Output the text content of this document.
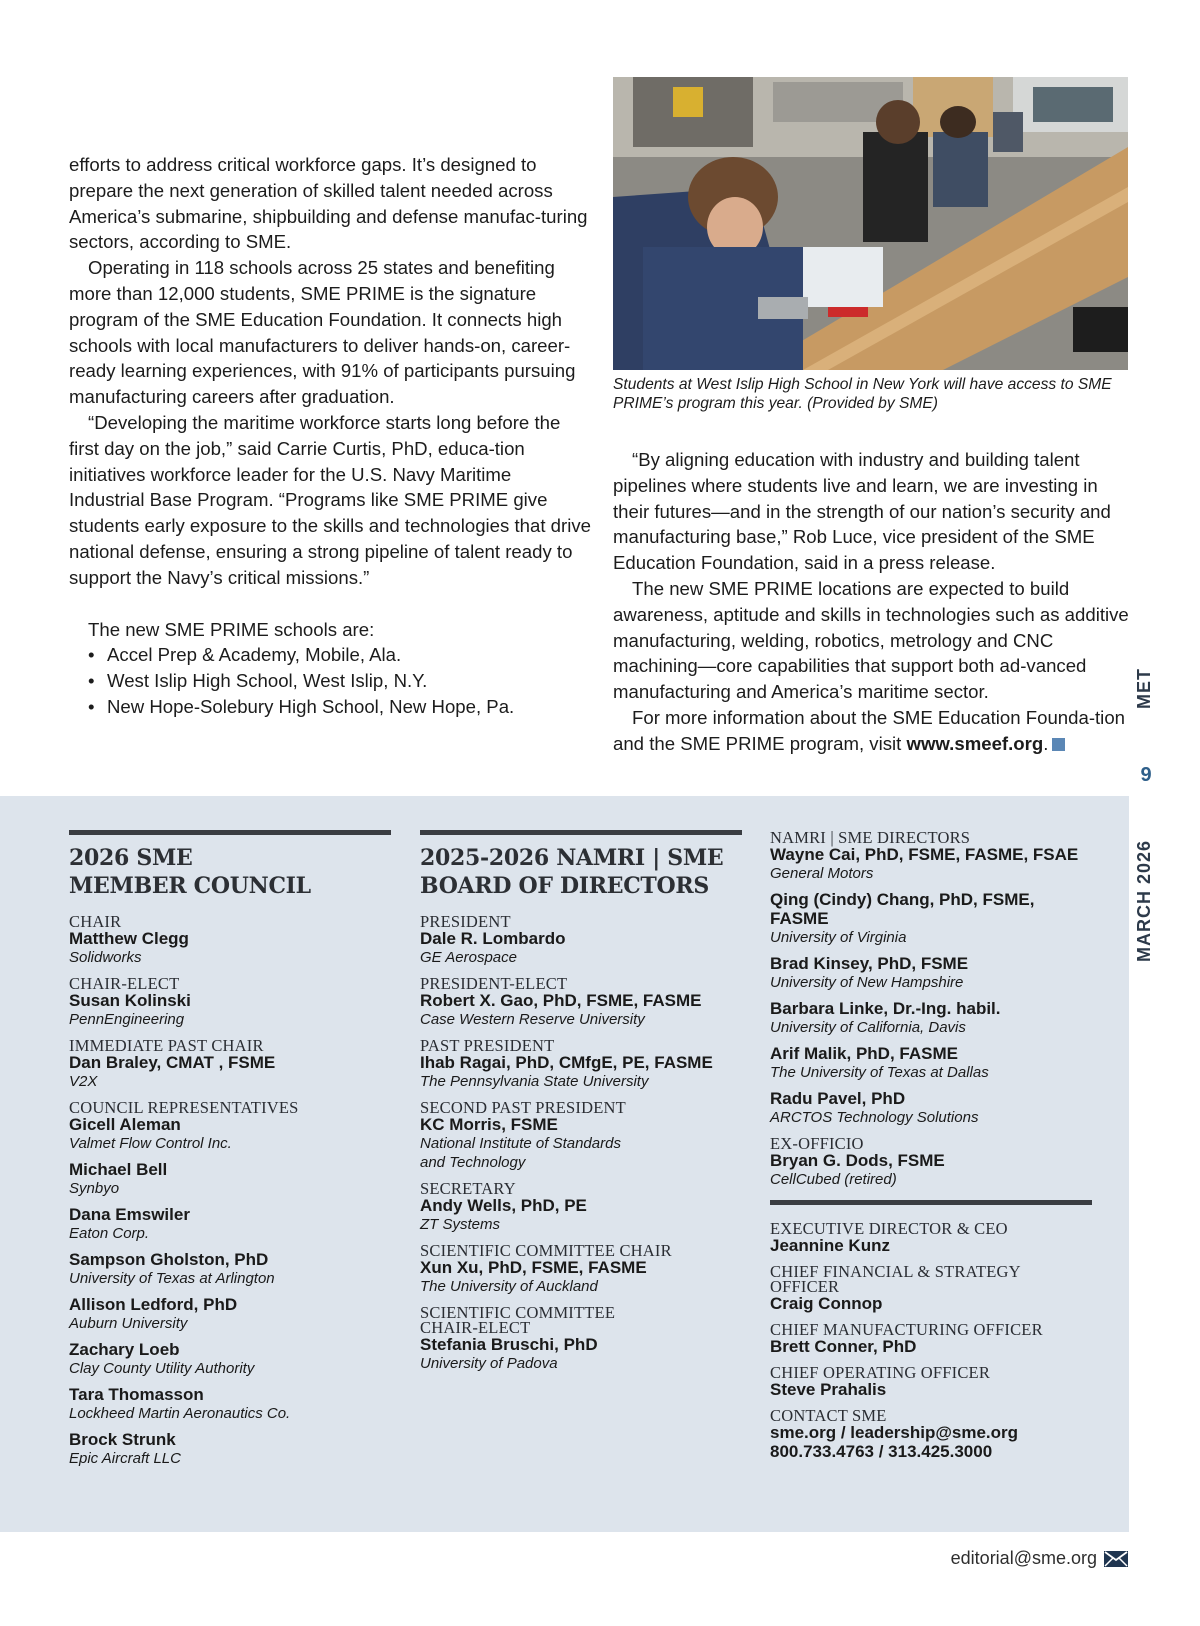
efforts to address critical workforce gaps. It’s designed to prepare the next generation of skilled talent needed across America’s submarine, shipbuilding and defense manufac-turing sectors, according to SME.

Operating in 118 schools across 25 states and benefiting more than 12,000 students, SME PRIME is the signature program of the SME Education Foundation. It connects high schools with local manufacturers to deliver hands-on, career-ready learning experiences, with 91% of participants pursuing manufacturing careers after graduation.

“Developing the maritime workforce starts long before the first day on the job,” said Carrie Curtis, PhD, educa-tion initiatives workforce leader for the U.S. Navy Maritime Industrial Base Program. “Programs like SME PRIME give students early exposure to the skills and technologies that drive national defense, ensuring a strong pipeline of talent ready to support the Navy’s critical missions.”

The new SME PRIME schools are:

• Accel Prep & Academy, Mobile, Ala.
• West Islip High School, West Islip, N.Y.
• New Hope-Solebury High School, New Hope, Pa.
Students at West Islip High School in New York will have access to SME PRIME’s program this year. (Provided by SME)

“By aligning education with industry and building talent pipelines where students live and learn, we are investing in their futures—and in the strength of our nation’s security and manufacturing base,” Rob Luce, vice president of the SME Education Foundation, said in a press release.

The new SME PRIME locations are expected to build awareness, aptitude and skills in technologies such as additive manufacturing, welding, robotics, metrology and CNC machining—core capabilities that support both ad-vanced manufacturing and America’s maritime sector.

For more information about the SME Education Founda-tion and the SME PRIME program, visit www.smeef.org.

MET
9
MARCH 2026
2026 SME
MEMBER COUNCIL
CHAIR
Matthew Clegg
Solidworks
CHAIR-ELECT
Susan Kolinski
PennEngineering
IMMEDIATE PAST CHAIR
Dan Braley, CMAT , FSME
V2X
COUNCIL REPRESENTATIVES
Gicell Aleman
Valmet Flow Control Inc.
Michael Bell
Synbyo
Dana Emswiler
Eaton Corp.
Sampson Gholston, PhD
University of Texas at Arlington
Allison Ledford, PhD
Auburn University
Zachary Loeb
Clay County Utility Authority
Tara Thomasson
Lockheed Martin Aeronautics Co.
Brock Strunk
Epic Aircraft LLC
2025-2026 NAMRI | SME
BOARD OF DIRECTORS
PRESIDENT
Dale R. Lombardo
GE Aerospace
PRESIDENT-ELECT
Robert X. Gao, PhD, FSME, FASME
Case Western Reserve University
PAST PRESIDENT
Ihab Ragai, PhD, CMfgE, PE, FASME
The Pennsylvania State University
SECOND PAST PRESIDENT
KC Morris, FSME
National Institute of Standards and Technology
SECRETARY
Andy Wells, PhD, PE
ZT Systems
SCIENTIFIC COMMITTEE CHAIR
Xun Xu, PhD, FSME, FASME
The University of Auckland
SCIENTIFIC COMMITTEE CHAIR-ELECT
Stefania Bruschi, PhD
University of Padova
NAMRI | SME DIRECTORS
Wayne Cai, PhD, FSME, FASME, FSAE
General Motors
Qing (Cindy) Chang, PhD, FSME, FASME
University of Virginia
Brad Kinsey, PhD, FSME
University of New Hampshire
Barbara Linke, Dr.-Ing. habil.
University of California, Davis
Arif Malik, PhD, FASME
The University of Texas at Dallas
Radu Pavel, PhD
ARCTOS Technology Solutions
EX-OFFICIO
Bryan G. Dods, FSME
CellCubed (retired)
EXECUTIVE DIRECTOR & CEO
Jeannine Kunz
CHIEF FINANCIAL & STRATEGY OFFICER
Craig Connop
CHIEF MANUFACTURING OFFICER
Brett Conner, PhD
CHIEF OPERATING OFFICER
Steve Prahalis
CONTACT SME
sme.org / leadership@sme.org
800.733.4763 / 313.425.3000
editorial@sme.org
